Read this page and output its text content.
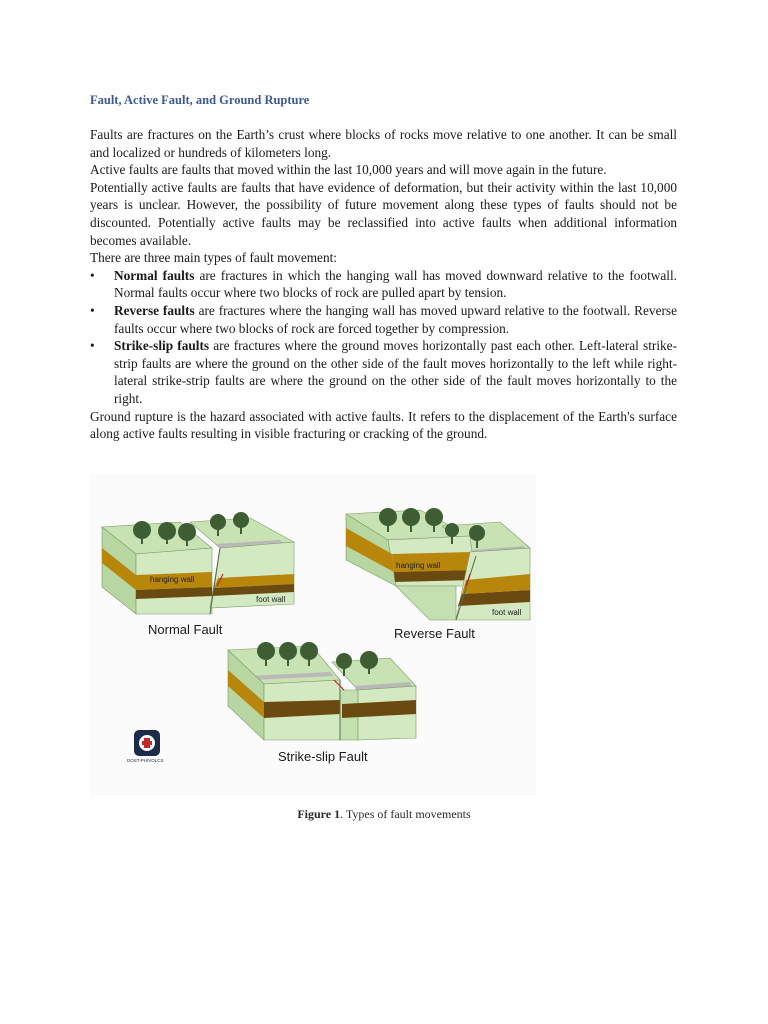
Fault, Active Fault, and Ground Rupture

Faults are fractures on the Earth’s crust where blocks of rocks move relative to one another. It can be small and localized or hundreds of kilometers long.

Active faults are faults that moved within the last 10,000 years and will move again in the future.

Potentially active faults are faults that have evidence of deformation, but their activity within the last 10,000 years is unclear. However, the possibility of future movement along these types of faults should not be discounted. Potentially active faults may be reclassified into active faults when additional information becomes available.

There are three main types of fault movement:

• Normal faults are fractures in which the hanging wall has moved downward relative to the footwall. Normal faults occur where two blocks of rock are pulled apart by tension.
• Reverse faults are fractures where the hanging wall has moved upward relative to the footwall. Reverse faults occur where two blocks of rock are forced together by compression.
• Strike-slip faults are fractures where the ground moves horizontally past each other. Left-lateral strike-strip faults are where the ground on the other side of the fault moves horizontally to the left while right-lateral strike-strip faults are where the ground on the other side of the fault moves horizontally to the right.

Ground rupture is the hazard associated with active faults. It refers to the displacement of the Earth's surface along active faults resulting in visible fracturing or cracking of the ground.

hanging wall
foot wall
Normal Fault
hanging wall
foot wall
Reverse Fault
Strike-slip Fault
DOST-PHIVOLCS
Figure 1. Types of fault movements
